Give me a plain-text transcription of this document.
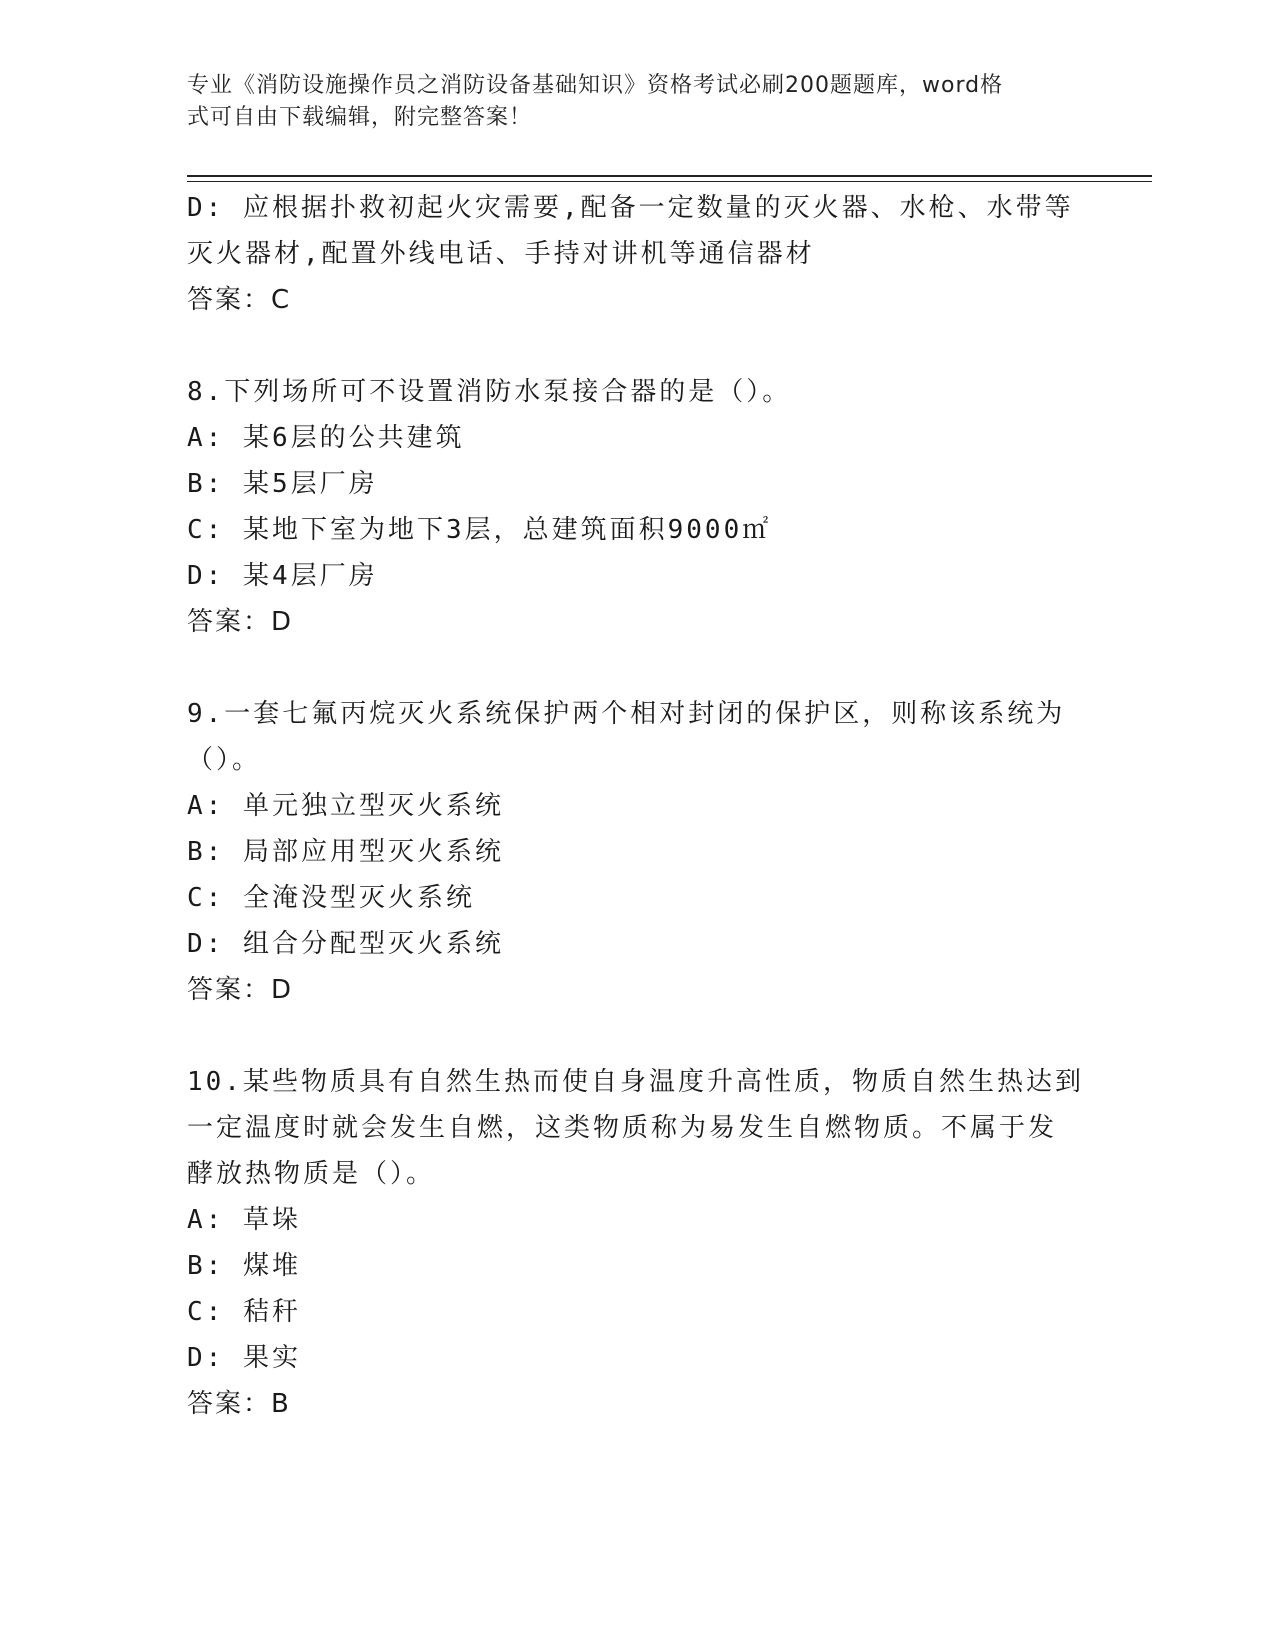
专业《消防设施操作员之消防设备基础知识》资格考试必刷200题题库，word格
式可自由下载编辑，附完整答案！
D: 应根据扑救初起火灾需要,配备一定数量的灭火器、水枪、水带等
灭火器材,配置外线电话、手持对讲机等通信器材
答案：C
8.下列场所可不设置消防水泵接合器的是（）。
A: 某6层的公共建筑
B: 某5层厂房
C: 某地下室为地下3层，总建筑面积9000㎡
D: 某4层厂房
答案：D
9.一套七氟丙烷灭火系统保护两个相对封闭的保护区，则称该系统为
（）。
A: 单元独立型灭火系统
B: 局部应用型灭火系统
C: 全淹没型灭火系统
D: 组合分配型灭火系统
答案：D
10.某些物质具有自然生热而使自身温度升高性质，物质自然生热达到
一定温度时就会发生自燃，这类物质称为易发生自燃物质。不属于发
酵放热物质是（）。
A: 草垛
B: 煤堆
C: 秸秆
D: 果实
答案：B
